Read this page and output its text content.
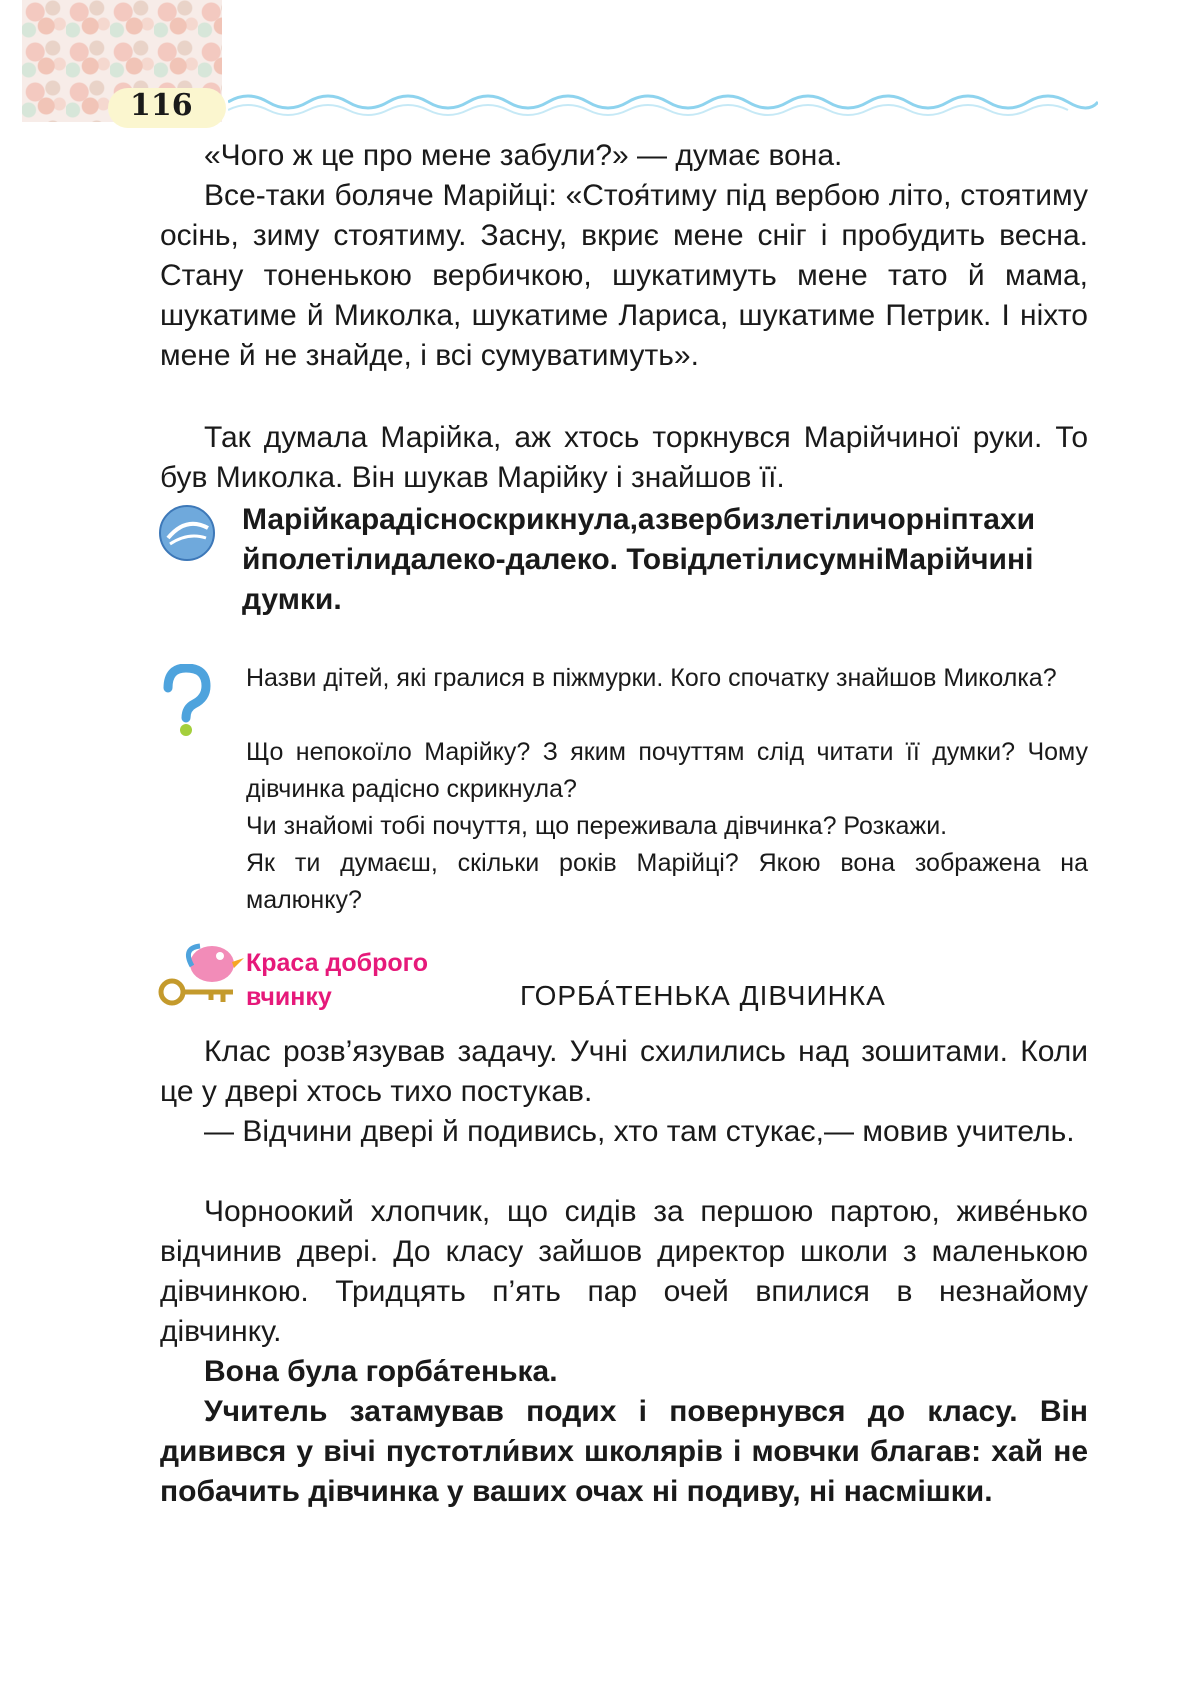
116

«Чого ж це про мене забули?» — думає вона.

Все-таки боляче Марійці: «Стоя́тиму під вербою літо, стоятиму осінь, зиму стоятиму. Засну, вкриє мене сніг і пробудить весна. Стану тоненькою вербичкою, шукатимуть мене тато й мама, шукатиме й Миколка, шукатиме Лариса, шукатиме Петрик. І ніхто мене й не знайде, і всі сумуватимуть».

Так думала Марійка, аж хтось торкнувся Марійчиної руки. То був Миколка. Він шукав Марійку і знайшов її.

Марійкарадісноскрикнула,азвербизлетіличорніптахи йполетілидалеко-далеко. ТовідлетілисумніМарійчині думки.

Назви дітей, які гралися в піжмурки. Кого спочатку знайшов Миколка?

Що непокоїло Марійку? З яким почуттям слід читати її думки? Чому дівчинка радісно скрикнула?

Чи знайомі тобі почуття, що переживала дівчинка? Розкажи.

Як ти думаєш, скільки років Марійці? Якою вона зображена на малюнку?

Краса доброго
вчинку	ГОРБА́ТЕНЬКА ДІВЧИНКА

Клас розв’язував задачу. Учні схилились над зошитами. Коли це у двері хтось тихо постукав.

— Відчини двері й подивись, хто там стукає,— мовив учитель.

Чорноокий хлопчик, що сидів за першою партою, живе́нько відчинив двері. До класу зайшов директор школи з маленькою дівчинкою. Тридцять п’ять пар очей впилися в незнайому дівчинку.

Вона була горба́тенька.

Учитель затамував подих і повернувся до класу. Він дивився у вічі пустотли́вих школярів і мовчки благав: хай не побачить дівчинка у ваших очах ні подиву, ні насмішки.
